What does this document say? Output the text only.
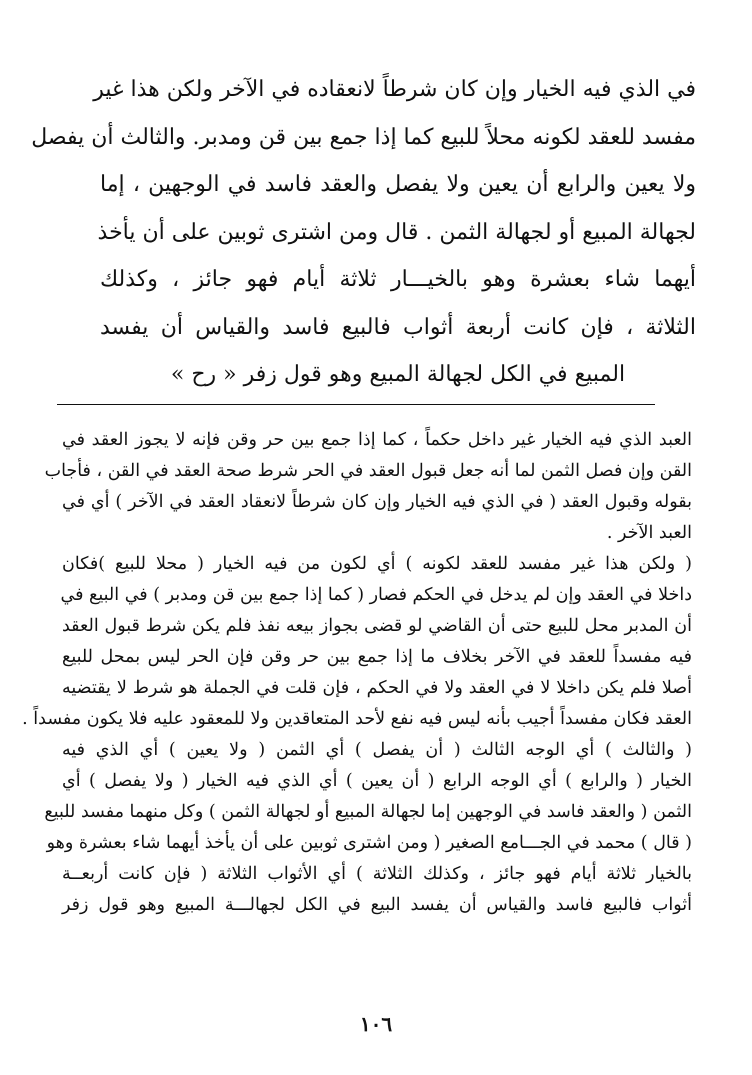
في الذي فيه الخيار وإن كان شرطاً لانعقاده في الآخر ولكن هذا غير
مفسد للعقد لكونه محلاً للبيع كما إذا جمع بين قن ومدبر. والثالث أن يفصل
ولا يعين والرابع أن يعين ولا يفصل والعقد فاسد في الوجهين ، إما
لجهالة المبيع أو لجهالة الثمن . قال ومن اشترى ثوبين على أن يأخذ
أيهما شاء بعشرة وهو بالخيـــار ثلاثة أيام فهو جائز ، وكذلك
الثلاثة ، فإن كانت أربعة أثواب فالبيع فاسد والقياس أن يفسد
المبيع في الكل لجهالة المبيع وهو قول زفر « رح »
العبد الذي فيه الخيار غير داخل حكماً ، كما إذا جمع بين حر وقن فإنه لا يجوز العقد في
القن وإن فصل الثمن لما أنه جعل قبول العقد في الحر شرط صحة العقد في القن ، فأجاب
بقوله وقبول العقد ( في الذي فيه الخيار وإن كان شرطاً لانعقاد العقد في الآخر ) أي في
العبد الآخر .
( ولكن هذا غير مفسد للعقد لكونه ) أي لكون من فيه الخيار ( محلا للبيع )فكان
داخلا في العقد وإن لم يدخل في الحكم فصار ( كما إذا جمع بين قن ومدبر ) في البيع في
أن المدبر محل للبيع حتى أن القاضي لو قضى بجواز بيعه نفذ فلم يكن شرط قبول العقد
فيه مفسداً للعقد في الآخر بخلاف ما إذا جمع بين حر وقن فإن الحر ليس بمحل للبيع
أصلا فلم يكن داخلا لا في العقد ولا في الحكم ، فإن قلت في الجملة هو شرط لا يقتضيه
العقد فكان مفسداً أجيب بأنه ليس فيه نفع لأحد المتعاقدين ولا للمعقود عليه فلا يكون مفسداً .
( والثالث ) أي الوجه الثالث ( أن يفصل ) أي الثمن ( ولا يعين ) أي الذي فيه
الخيار ( والرابع ) أي الوجه الرابع ( أن يعين ) أي الذي فيه الخيار ( ولا يفصل ) أي
الثمن ( والعقد فاسد في الوجهين إما لجهالة المبيع أو لجهالة الثمن ) وكل منهما مفسد للبيع
( قال ) محمد في الجـــامع الصغير ( ومن اشترى ثوبين على أن يأخذ أيهما شاء بعشرة وهو
بالخيار ثلاثة أيام فهو جائز ، وكذلك الثلاثة ) أي الأثواب الثلاثة ( فإن كانت أربعــة
أثواب فالبيع فاسد والقياس أن يفسد البيع في الكل لجهالـــة المبيع وهو قول زفر
١٠٦
